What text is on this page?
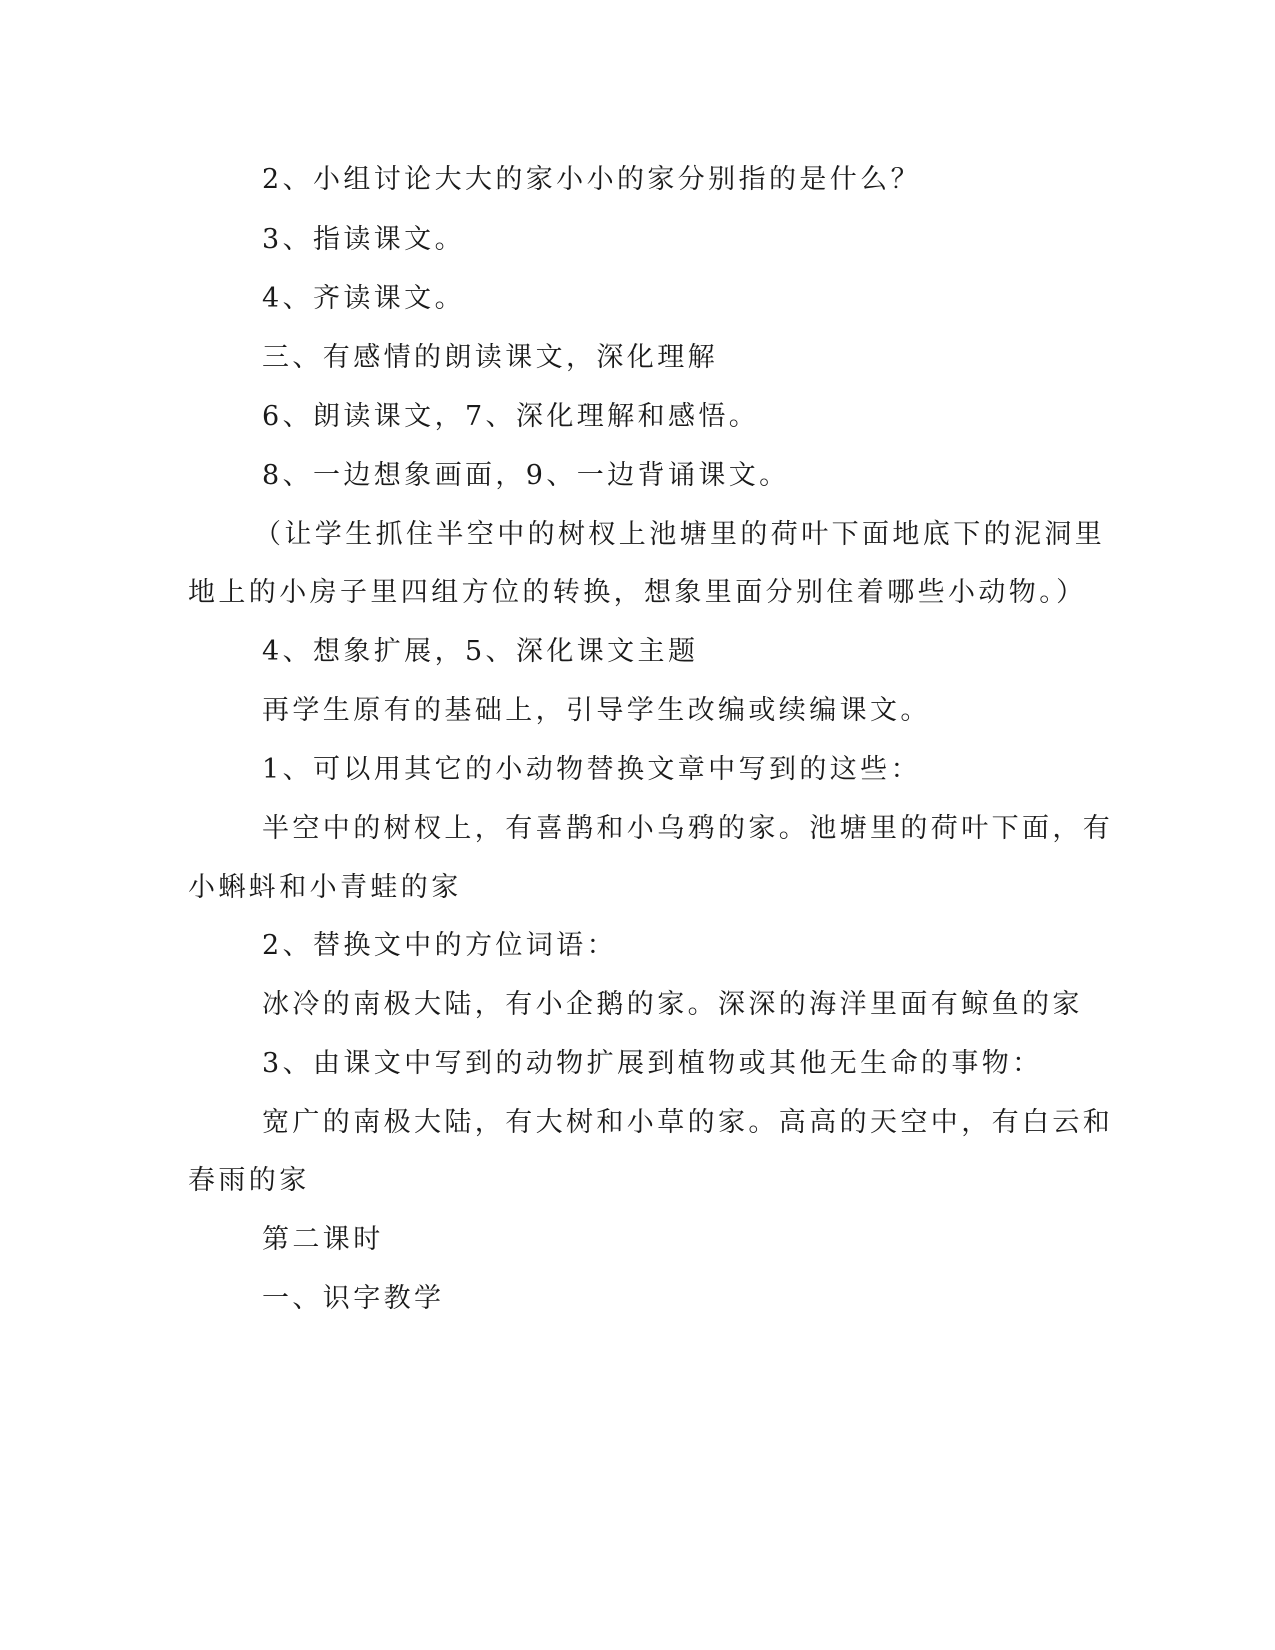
2、小组讨论大大的家小小的家分别指的是什么？
3、指读课文。
4、齐读课文。
三、有感情的朗读课文，深化理解
6、朗读课文，7、深化理解和感悟。
8、一边想象画面，9、一边背诵课文。
（让学生抓住半空中的树杈上池塘里的荷叶下面地底下的泥洞里
地上的小房子里四组方位的转换，想象里面分别住着哪些小动物。）
4、想象扩展，5、深化课文主题
再学生原有的基础上，引导学生改编或续编课文。
1、可以用其它的小动物替换文章中写到的这些：
半空中的树杈上，有喜鹊和小乌鸦的家。池塘里的荷叶下面，有
小蝌蚪和小青蛙的家
2、替换文中的方位词语：
冰冷的南极大陆，有小企鹅的家。深深的海洋里面有鲸鱼的家
3、由课文中写到的动物扩展到植物或其他无生命的事物：
宽广的南极大陆，有大树和小草的家。高高的天空中，有白云和
春雨的家
第二课时
一、识字教学
